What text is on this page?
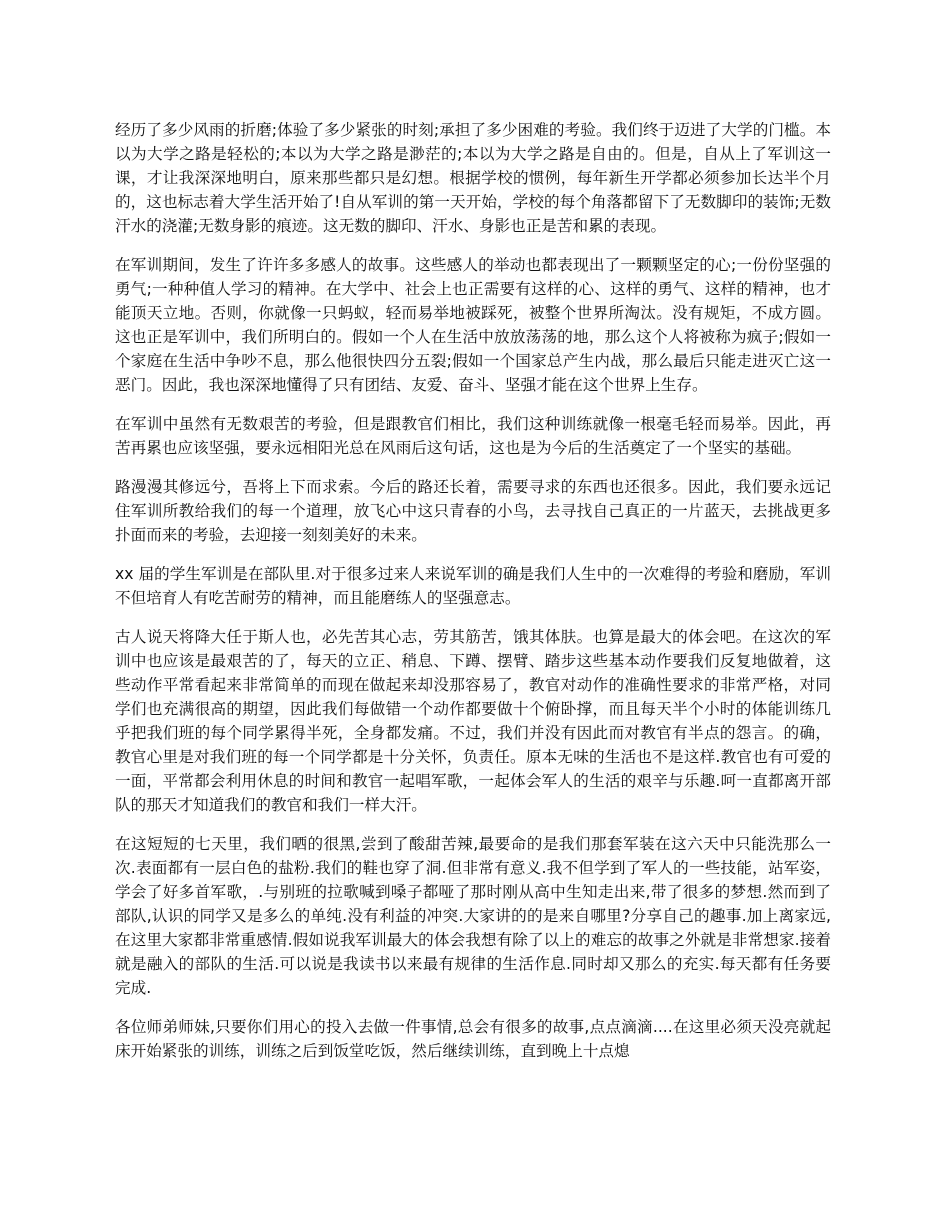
经历了多少风雨的折磨;体验了多少紧张的时刻;承担了多少困难的考验。我们终于迈进了大学的门槛。本以为大学之路是轻松的;本以为大学之路是渺茫的;本以为大学之路是自由的。但是，自从上了军训这一课，才让我深深地明白，原来那些都只是幻想。根据学校的惯例，每年新生开学都必须参加长达半个月的，这也标志着大学生活开始了!自从军训的第一天开始，学校的每个角落都留下了无数脚印的装饰;无数汗水的浇灌;无数身影的痕迹。这无数的脚印、汗水、身影也正是苦和累的表现。

在军训期间，发生了许许多多感人的故事。这些感人的举动也都表现出了一颗颗坚定的心;一份份坚强的勇气;一种种值人学习的精神。在大学中、社会上也正需要有这样的心、这样的勇气、这样的精神，也才能顶天立地。否则，你就像一只蚂蚁，轻而易举地被踩死，被整个世界所淘汰。没有规矩，不成方圆。这也正是军训中，我们所明白的。假如一个人在生活中放放荡荡的地，那么这个人将被称为疯子;假如一个家庭在生活中争吵不息，那么他很快四分五裂;假如一个国家总产生内战，那么最后只能走进灭亡这一恶门。因此，我也深深地懂得了只有团结、友爱、奋斗、坚强才能在这个世界上生存。

在军训中虽然有无数艰苦的考验，但是跟教官们相比，我们这种训练就像一根毫毛轻而易举。因此，再苦再累也应该坚强，要永远相阳光总在风雨后这句话，这也是为今后的生活奠定了一个坚实的基础。

路漫漫其修远兮，吾将上下而求索。今后的路还长着，需要寻求的东西也还很多。因此，我们要永远记住军训所教给我们的每一个道理，放飞心中这只青春的小鸟，去寻找自己真正的一片蓝天，去挑战更多扑面而来的考验，去迎接一刻刻美好的未来。

xx 届的学生军训是在部队里.对于很多过来人来说军训的确是我们人生中的一次难得的考验和磨励，军训不但培育人有吃苦耐劳的精神，而且能磨练人的坚强意志。

古人说天将降大任于斯人也，必先苦其心志，劳其筋苦，饿其体肤。也算是最大的体会吧。在这次的军训中也应该是最艰苦的了，每天的立正、稍息、下蹲、摆臂、踏步这些基本动作要我们反复地做着，这些动作平常看起来非常简单的而现在做起来却没那容易了，教官对动作的准确性要求的非常严格，对同学们也充满很高的期望，因此我们每做错一个动作都要做十个俯卧撑，而且每天半个小时的体能训练几乎把我们班的每个同学累得半死，全身都发痛。不过，我们并没有因此而对教官有半点的怨言。的确，教官心里是对我们班的每一个同学都是十分关怀，负责任。原本无味的生活也不是这样.教官也有可爱的一面，平常都会利用休息的时间和教官一起唱军歌，一起体会军人的生活的艰辛与乐趣.呵一直都离开部队的那天才知道我们的教官和我们一样大汗。

在这短短的七天里，我们晒的很黑,尝到了酸甜苦辣,最要命的是我们那套军装在这六天中只能洗那么一次.表面都有一层白色的盐粉.我们的鞋也穿了洞.但非常有意义.我不但学到了军人的一些技能，站军姿，学会了好多首军歌，.与别班的拉歌喊到嗓子都哑了那时刚从高中生知走出来,带了很多的梦想.然而到了部队,认识的同学又是多么的单纯.没有利益的冲突.大家讲的的是来自哪里?分享自己的趣事.加上离家远,在这里大家都非常重感情.假如说我军训最大的体会我想有除了以上的难忘的故事之外就是非常想家.接着就是融入的部队的生活.可以说是我读书以来最有规律的生活作息.同时却又那么的充实.每天都有任务要完成.

各位师弟师妹,只要你们用心的投入去做一件事情,总会有很多的故事,点点滴滴....在这里必须天没亮就起床开始紧张的训练，训练之后到饭堂吃饭，然后继续训练，直到晚上十点熄
